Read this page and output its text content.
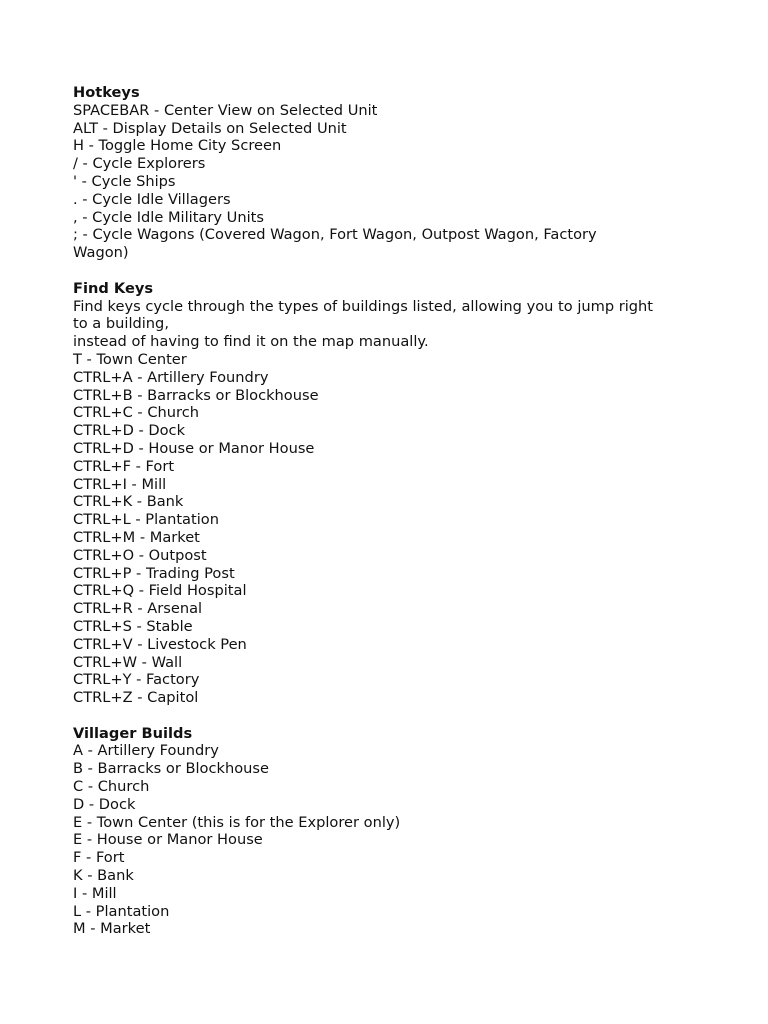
Hotkeys

SPACEBAR - Center View on Selected Unit

ALT - Display Details on Selected Unit

H - Toggle Home City Screen

/ - Cycle Explorers

' - Cycle Ships

. - Cycle Idle Villagers

, - Cycle Idle Military Units

; - Cycle Wagons (Covered Wagon, Fort Wagon, Outpost Wagon, Factory

Wagon)

Find Keys

Find keys cycle through the types of buildings listed, allowing you to jump right

to a building,

instead of having to find it on the map manually.

T - Town Center

CTRL+A - Artillery Foundry

CTRL+B - Barracks or Blockhouse

CTRL+C - Church

CTRL+D - Dock

CTRL+D - House or Manor House

CTRL+F - Fort

CTRL+I - Mill

CTRL+K - Bank

CTRL+L - Plantation

CTRL+M - Market

CTRL+O - Outpost

CTRL+P - Trading Post

CTRL+Q - Field Hospital

CTRL+R - Arsenal

CTRL+S - Stable

CTRL+V - Livestock Pen

CTRL+W - Wall

CTRL+Y - Factory

CTRL+Z - Capitol

Villager Builds

A - Artillery Foundry

B - Barracks or Blockhouse

C - Church

D - Dock

E - Town Center (this is for the Explorer only)

E - House or Manor House

F - Fort

K - Bank

I - Mill

L - Plantation

M - Market
